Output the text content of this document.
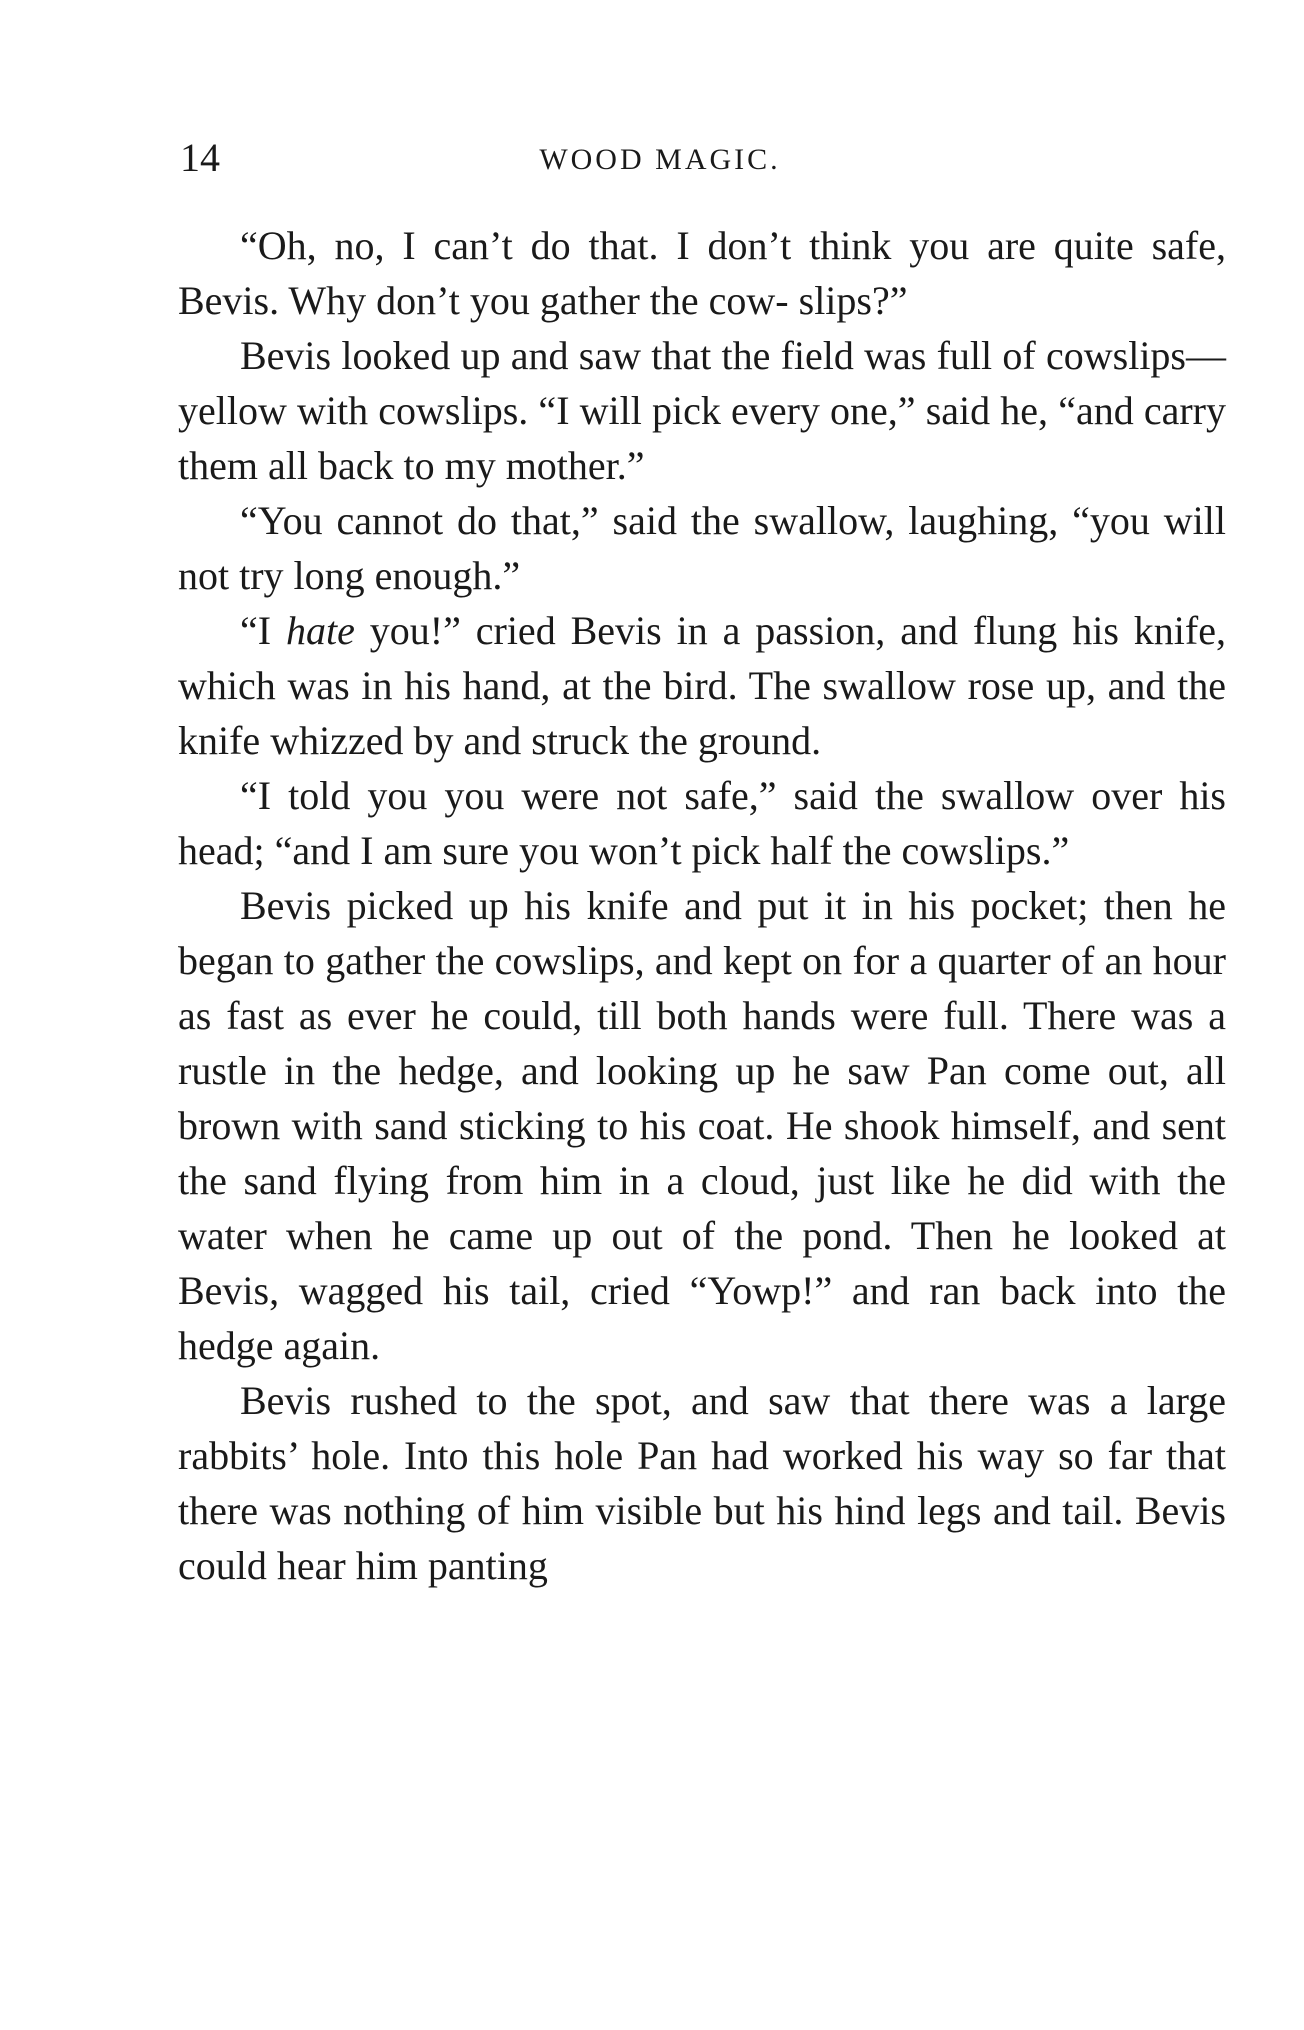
14	WOOD MAGIC.

“Oh, no, I can’t do that. I don’t think you are quite safe, Bevis. Why don’t you gather the cow- slips?”

Bevis looked up and saw that the field was full of cowslips—yellow with cowslips. “I will pick every one,” said he, “and carry them all back to my mother.”

“You cannot do that,” said the swallow, laughing, “you will not try long enough.”

“I hate you!” cried Bevis in a passion, and flung his knife, which was in his hand, at the bird. The swallow rose up, and the knife whizzed by and struck the ground.

“I told you you were not safe,” said the swallow over his head; “and I am sure you won’t pick half the cowslips.”

Bevis picked up his knife and put it in his pocket; then he began to gather the cowslips, and kept on for a quarter of an hour as fast as ever he could, till both hands were full. There was a rustle in the hedge, and looking up he saw Pan come out, all brown with sand sticking to his coat. He shook himself, and sent the sand flying from him in a cloud, just like he did with the water when he came up out of the pond. Then he looked at Bevis, wagged his tail, cried “Yowp!” and ran back into the hedge again.

Bevis rushed to the spot, and saw that there was a large rabbits’ hole. Into this hole Pan had worked his way so far that there was nothing of him visible but his hind legs and tail. Bevis could hear him panting
